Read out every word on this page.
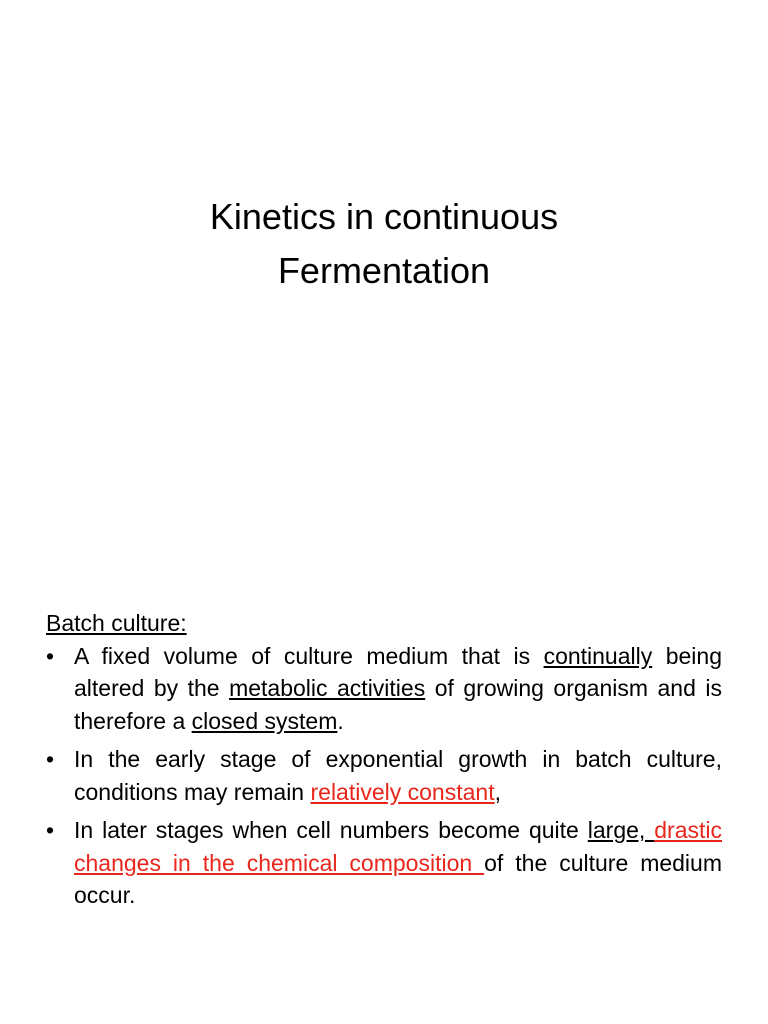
Kinetics in continuous
Fermentation
Batch culture:
• A fixed volume of culture medium that is continually being altered by the metabolic activities of growing organism and is therefore a closed system.
• In the early stage of exponential growth in batch culture, conditions may remain relatively constant,
• In later stages when cell numbers become quite large, drastic changes in the chemical composition of the culture medium occur.
